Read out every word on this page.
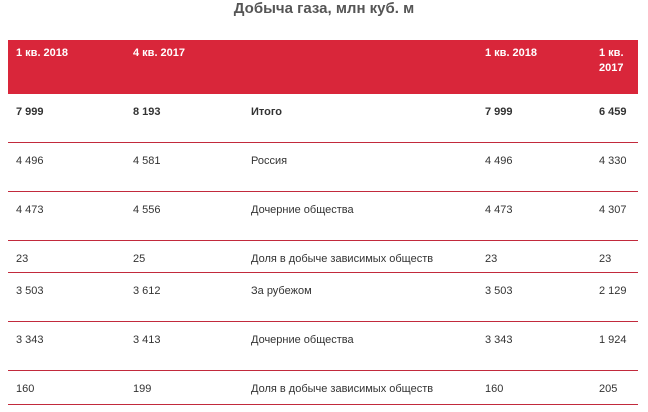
Добыча газа, млн куб. м
1 кв. 2018	4 кв. 2017		1 кв. 2018	1 кв. 2017
7 999	8 193	Итого	7 999	6 459
4 496	4 581	Россия	4 496	4 330
4 473	4 556	Дочерние общества	4 473	4 307
23	25	Доля в добыче зависимых обществ	23	23
3 503	3 612	За рубежом	3 503	2 129
3 343	3 413	Дочерние общества	3 343	1 924
160	199	Доля в добыче зависимых обществ	160	205
